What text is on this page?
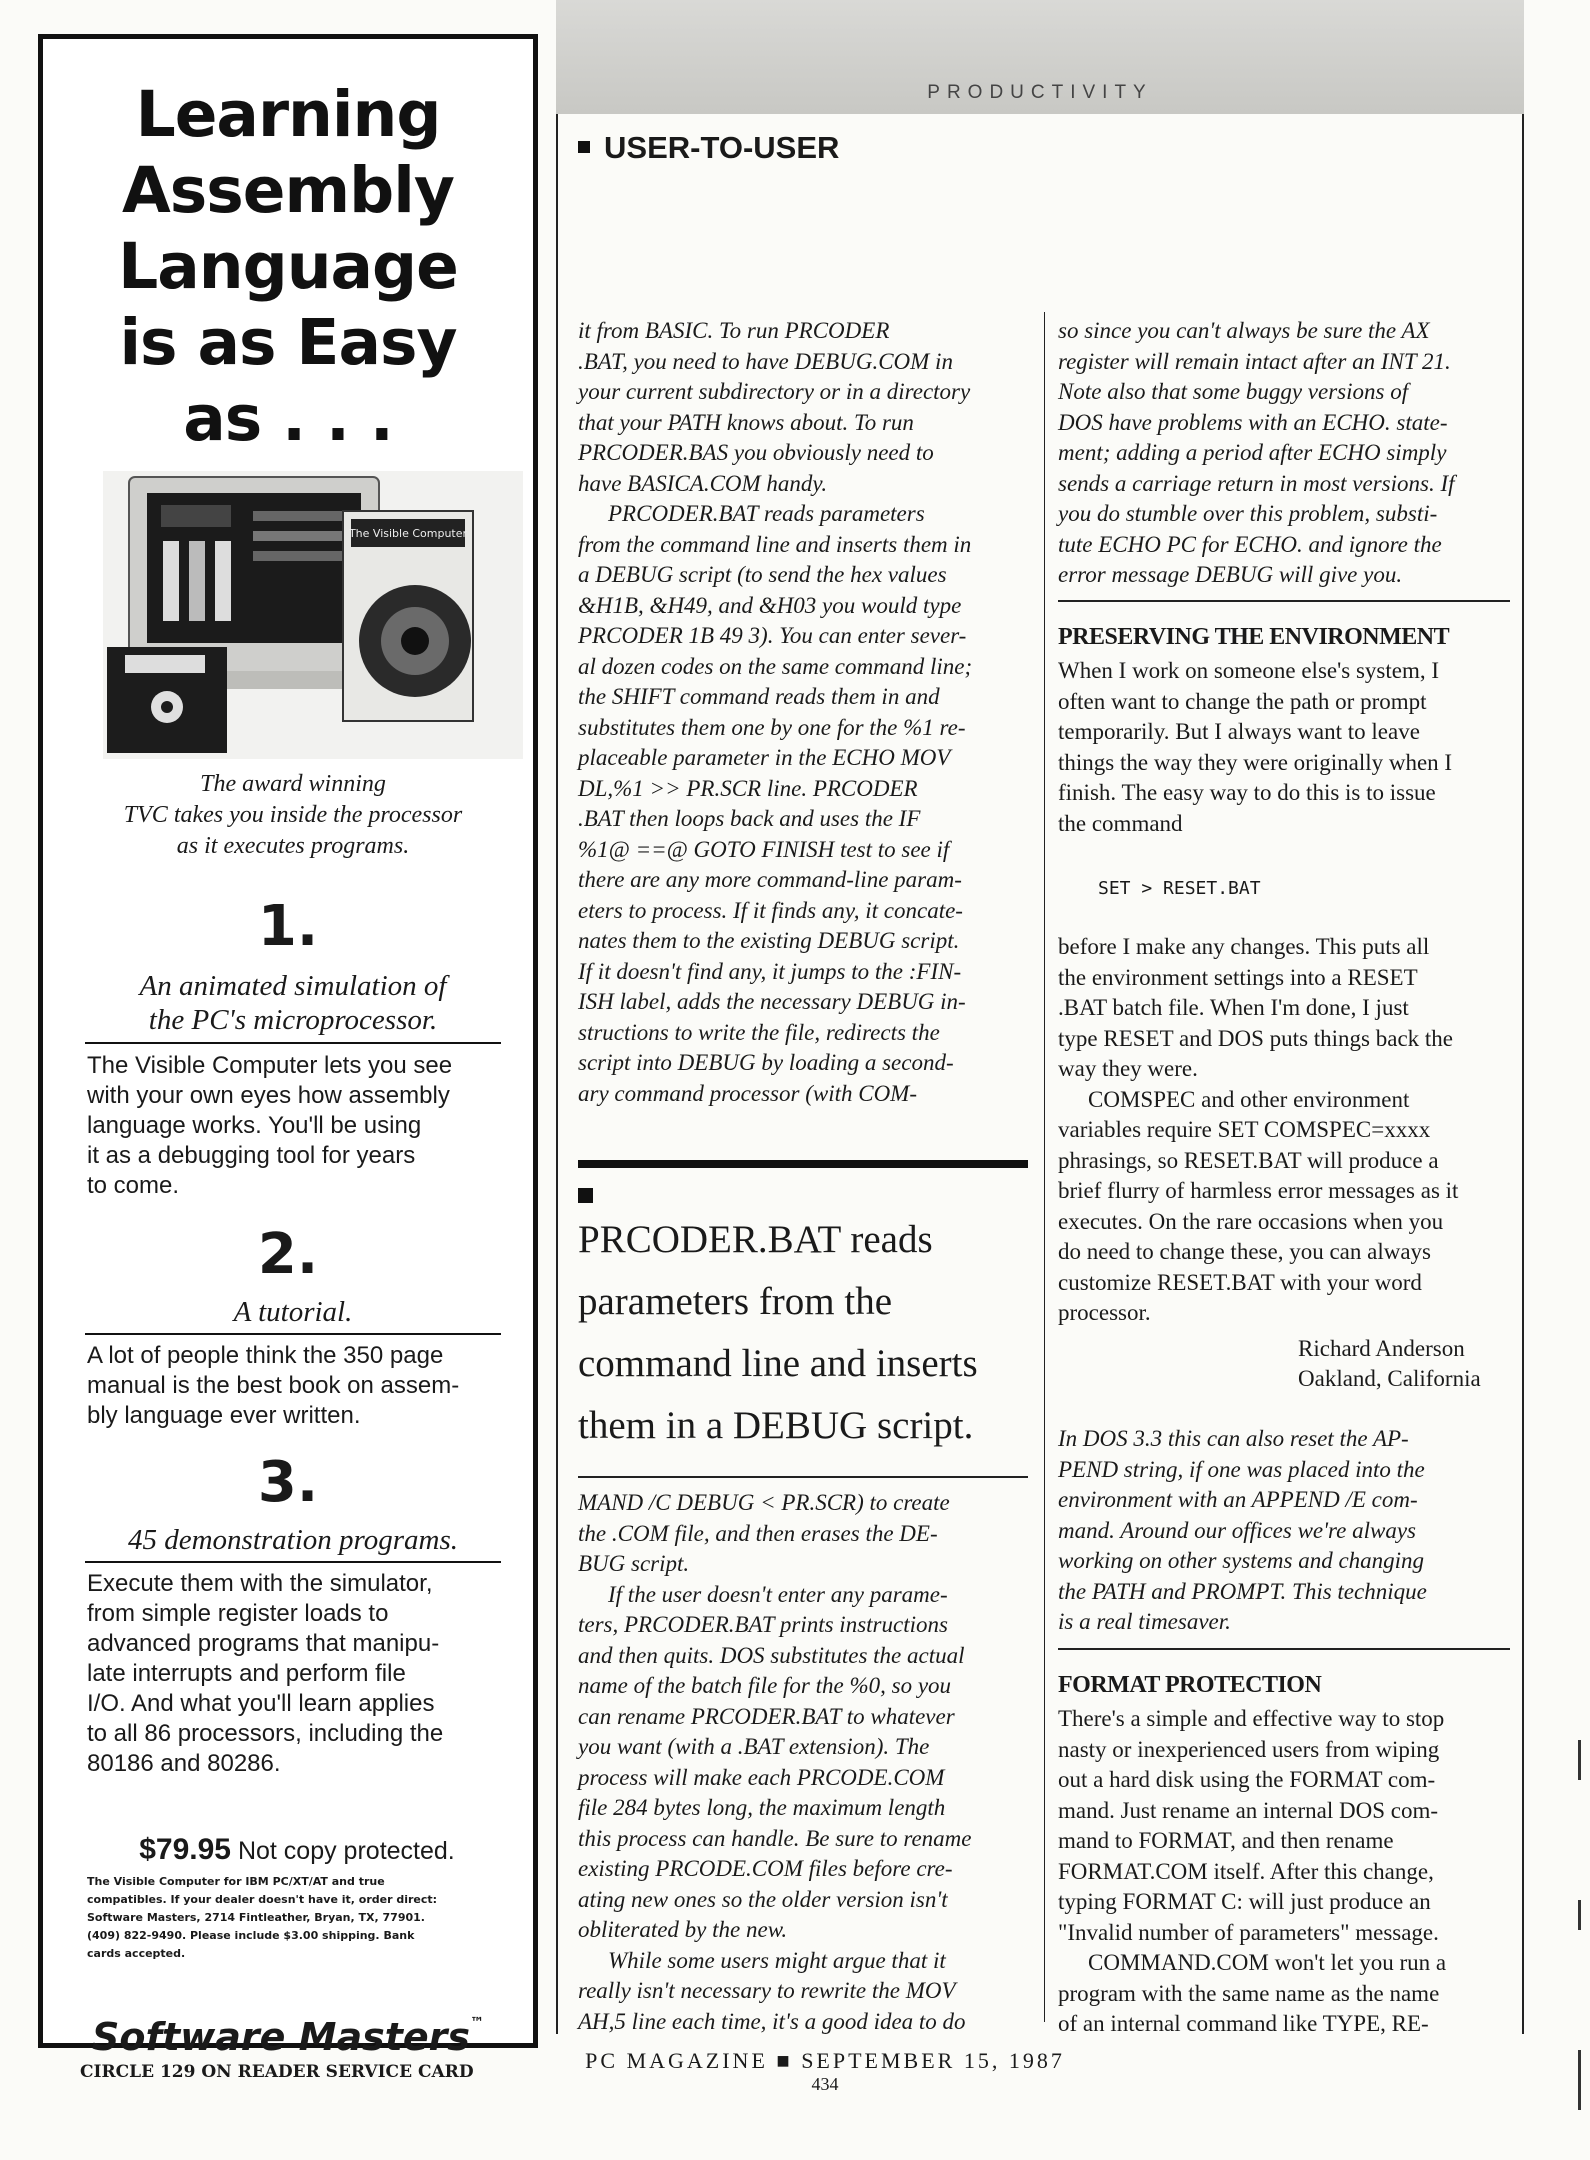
Learning
Assembly
Language
is as Easy
as . . .
The Visible Computer
The award winning
TVC takes you inside the processor
as it executes programs.
1.
An animated simulation of
the PC's microprocessor.
The Visible Computer lets you see
with your own eyes how assembly
language works. You'll be using
it as a debugging tool for years
to come.
2.
A tutorial.
A lot of people think the 350 page
manual is the best book on assem-
bly language ever written.
3.
45 demonstration programs.
Execute them with the simulator,
from simple register loads to
advanced programs that manipu-
late interrupts and perform file
I/O. And what you'll learn applies
to all 86 processors, including the
80186 and 80286.
$79.95 Not copy protected.
The Visible Computer for IBM PC/XT/AT and true
compatibles. If your dealer doesn't have it, order direct:
Software Masters, 2714 Fintleather, Bryan, TX, 77901.
(409) 822-9490. Please include $3.00 shipping. Bank
cards accepted.
Software Masters™
CIRCLE 129 ON READER SERVICE CARD
PRODUCTIVITY
USER-TO-USER
it from BASIC. To run PRCODER
.BAT, you need to have DEBUG.COM in
your current subdirectory or in a directory
that your PATH knows about. To run
PRCODER.BAS you obviously need to
have BASICA.COM handy.
PRCODER.BAT reads parameters
from the command line and inserts them in
a DEBUG script (to send the hex values
&H1B, &H49, and &H03 you would type
PRCODER 1B 49 3). You can enter sever-
al dozen codes on the same command line;
the SHIFT command reads them in and
substitutes them one by one for the %1 re-
placeable parameter in the ECHO MOV
DL,%1 >> PR.SCR line. PRCODER
.BAT then loops back and uses the IF
%1@ ==@ GOTO FINISH test to see if
there are any more command-line param-
eters to process. If it finds any, it concate-
nates them to the existing DEBUG script.
If it doesn't find any, it jumps to the :FIN-
ISH label, adds the necessary DEBUG in-
structions to write the file, redirects the
script into DEBUG by loading a second-
ary command processor (with COM-
PRCODER.BAT reads
parameters from the
command line and inserts
them in a DEBUG script.
MAND /C DEBUG < PR.SCR) to create
the .COM file, and then erases the DE-
BUG script.
If the user doesn't enter any parame-
ters, PRCODER.BAT prints instructions
and then quits. DOS substitutes the actual
name of the batch file for the %0, so you
can rename PRCODER.BAT to whatever
you want (with a .BAT extension). The
process will make each PRCODE.COM
file 284 bytes long, the maximum length
this process can handle. Be sure to rename
existing PRCODE.COM files before cre-
ating new ones so the older version isn't
obliterated by the new.
While some users might argue that it
really isn't necessary to rewrite the MOV
AH,5 line each time, it's a good idea to do
so since you can't always be sure the AX
register will remain intact after an INT 21.
Note also that some buggy versions of
DOS have problems with an ECHO. state-
ment; adding a period after ECHO simply
sends a carriage return in most versions. If
you do stumble over this problem, substi-
tute ECHO PC for ECHO. and ignore the
error message DEBUG will give you.
PRESERVING THE ENVIRONMENT
When I work on someone else's system, I
often want to change the path or prompt
temporarily. But I always want to leave
things the way they were originally when I
finish. The easy way to do this is to issue
the command
SET > RESET.BAT
before I make any changes. This puts all
the environment settings into a RESET
.BAT batch file. When I'm done, I just
type RESET and DOS puts things back the
way they were.
COMSPEC and other environment
variables require SET COMSPEC=xxxx
phrasings, so RESET.BAT will produce a
brief flurry of harmless error messages as it
executes. On the rare occasions when you
do need to change these, you can always
customize RESET.BAT with your word
processor.
Richard Anderson
Oakland, California
In DOS 3.3 this can also reset the AP-
PEND string, if one was placed into the
environment with an APPEND /E com-
mand. Around our offices we're always
working on other systems and changing
the PATH and PROMPT. This technique
is a real timesaver.
FORMAT PROTECTION
There's a simple and effective way to stop
nasty or inexperienced users from wiping
out a hard disk using the FORMAT com-
mand. Just rename an internal DOS com-
mand to FORMAT, and then rename
FORMAT.COM itself. After this change,
typing FORMAT C: will just produce an
"Invalid number of parameters" message.
COMMAND.COM won't let you run a
program with the same name as the name
of an internal command like TYPE, RE-
PC MAGAZINE ■ SEPTEMBER 15, 1987
434
